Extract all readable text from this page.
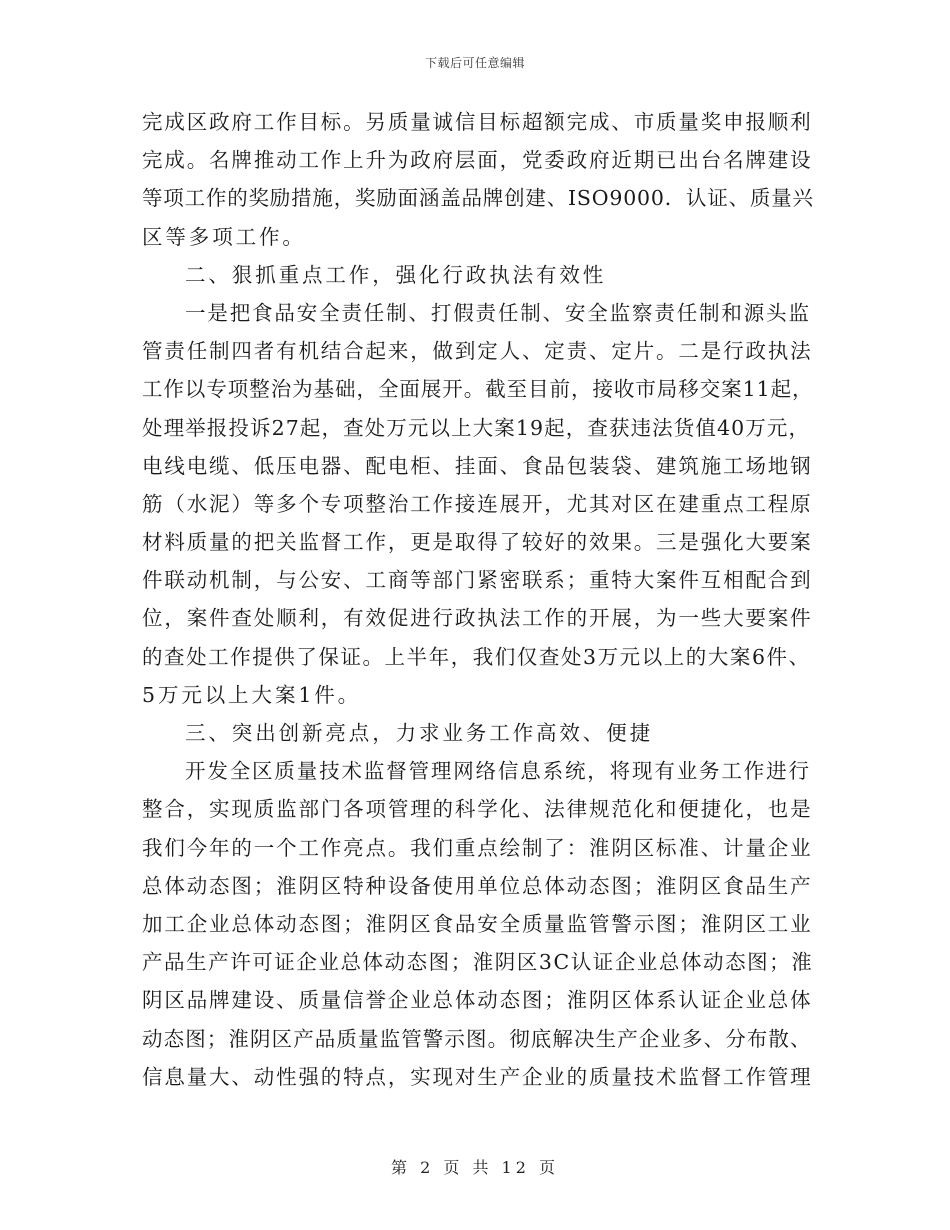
下载后可任意编辑
完成区政府工作目标。另质量诚信目标超额完成、市质量奖申报顺利
完成。名牌推动工作上升为政府层面，党委政府近期已出台名牌建设
等项工作的奖励措施，奖励面涵盖品牌创建、ISO9000．认证、质量兴
区等多项工作。
二、狠抓重点工作，强化行政执法有效性
一是把食品安全责任制、打假责任制、安全监察责任制和源头监
管责任制四者有机结合起来，做到定人、定责、定片。二是行政执法
工作以专项整治为基础，全面展开。截至目前，接收市局移交案11起，
处理举报投诉27起，查处万元以上大案19起，查获违法货值40万元，
电线电缆、低压电器、配电柜、挂面、食品包装袋、建筑施工场地钢
筋（水泥）等多个专项整治工作接连展开，尤其对区在建重点工程原
材料质量的把关监督工作，更是取得了较好的效果。三是强化大要案
件联动机制，与公安、工商等部门紧密联系；重特大案件互相配合到
位，案件查处顺利，有效促进行政执法工作的开展，为一些大要案件
的查处工作提供了保证。上半年，我们仅查处3万元以上的大案6件、
5万元以上大案1件。
三、突出创新亮点，力求业务工作高效、便捷
开发全区质量技术监督管理网络信息系统，将现有业务工作进行
整合，实现质监部门各项管理的科学化、法律规范化和便捷化，也是
我们今年的一个工作亮点。我们重点绘制了：淮阴区标准、计量企业
总体动态图；淮阴区特种设备使用单位总体动态图；淮阴区食品生产
加工企业总体动态图；淮阴区食品安全质量监管警示图；淮阴区工业
产品生产许可证企业总体动态图；淮阴区3C认证企业总体动态图；淮
阴区品牌建设、质量信誉企业总体动态图；淮阴区体系认证企业总体
动态图；淮阴区产品质量监管警示图。彻底解决生产企业多、分布散、
信息量大、动性强的特点，实现对生产企业的质量技术监督工作管理
第 2 页 共 12 页
